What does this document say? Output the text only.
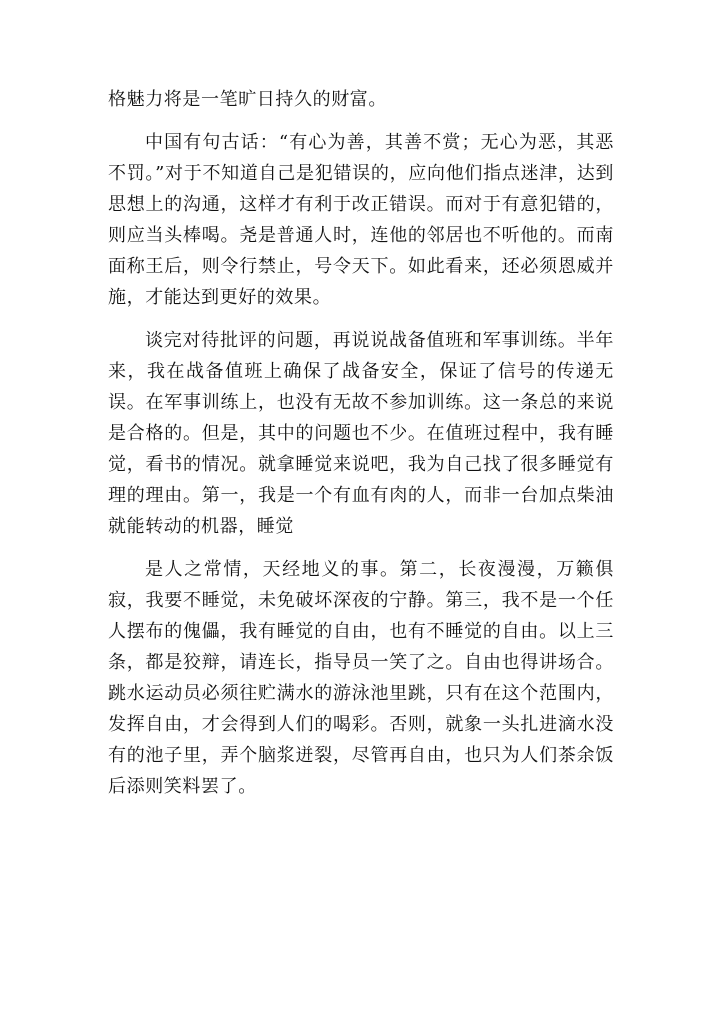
格魅力将是一笔旷日持久的财富。

中国有句古话：“有心为善，其善不赏；无心为恶，其恶不罚。”对于不知道自己是犯错误的，应向他们指点迷津，达到思想上的沟通，这样才有利于改正错误。而对于有意犯错的，则应当头棒喝。尧是普通人时，连他的邻居也不听他的。而南面称王后，则令行禁止，号令天下。如此看来，还必须恩威并施，才能达到更好的效果。

谈完对待批评的问题，再说说战备值班和军事训练。半年来，我在战备值班上确保了战备安全，保证了信号的传递无误。在军事训练上，也没有无故不参加训练。这一条总的来说是合格的。但是，其中的问题也不少。在值班过程中，我有睡觉，看书的情况。就拿睡觉来说吧，我为自己找了很多睡觉有理的理由。第一，我是一个有血有肉的人，而非一台加点柴油就能转动的机器，睡觉

是人之常情，天经地义的事。第二，长夜漫漫，万籁俱寂，我要不睡觉，未免破坏深夜的宁静。第三，我不是一个任人摆布的傀儡，我有睡觉的自由，也有不睡觉的自由。以上三条，都是狡辩，请连长，指导员一笑了之。自由也得讲场合。跳水运动员必须往贮满水的游泳池里跳，只有在这个范围内，发挥自由，才会得到人们的喝彩。否则，就象一头扎进滴水没有的池子里，弄个脑浆迸裂，尽管再自由，也只为人们茶余饭后添则笑料罢了。
